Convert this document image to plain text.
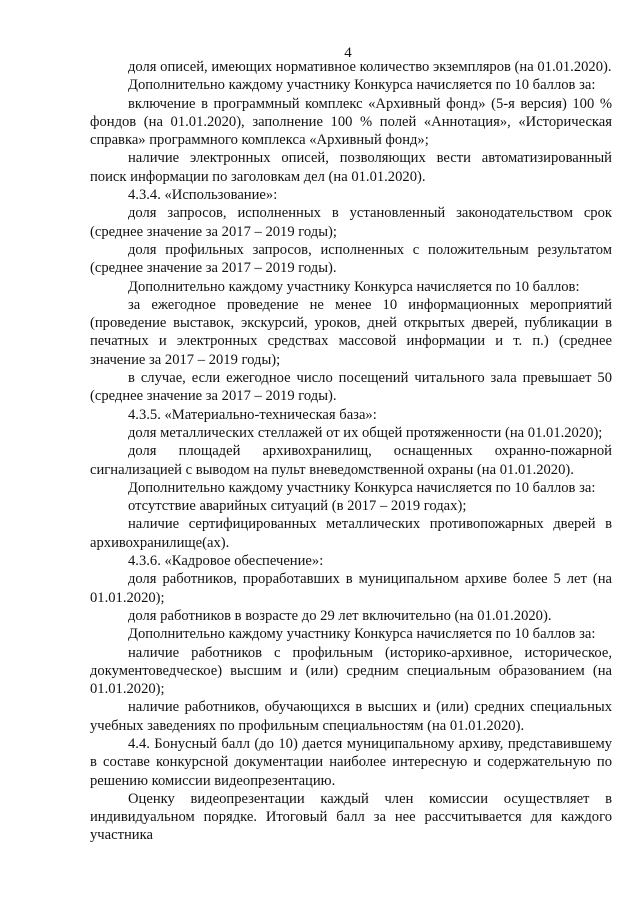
4

доля описей, имеющих нормативное количество экземпляров (на 01.01.2020).

Дополнительно каждому участнику Конкурса начисляется по 10 баллов за:

включение в программный комплекс «Архивный фонд» (5-я версия) 100 % фондов (на 01.01.2020), заполнение 100 % полей «Аннотация», «Историческая справка» программного комплекса «Архивный фонд»;

наличие электронных описей, позволяющих вести автоматизированный поиск информации по заголовкам дел (на 01.01.2020).

4.3.4. «Использование»:

доля запросов, исполненных в установленный законодательством срок (среднее значение за 2017 – 2019 годы);

доля профильных запросов, исполненных с положительным результатом (среднее значение за 2017 – 2019 годы).

Дополнительно каждому участнику Конкурса начисляется по 10 баллов:

за ежегодное проведение не менее 10 информационных мероприятий (проведение выставок, экскурсий, уроков, дней открытых дверей, публикации в печатных и электронных средствах массовой информации и т. п.) (среднее значение за 2017 – 2019 годы);

в случае, если ежегодное число посещений читального зала превышает 50 (среднее значение за 2017 – 2019 годы).

4.3.5. «Материально-техническая база»:

доля металлических стеллажей от их общей протяженности (на 01.01.2020);

доля площадей архивохранилищ, оснащенных охранно-пожарной сигнализацией с выводом на пульт вневедомственной охраны (на 01.01.2020).

Дополнительно каждому участнику Конкурса начисляется по 10 баллов за:

отсутствие аварийных ситуаций (в 2017 – 2019 годах);

наличие сертифицированных металлических противопожарных дверей в архивохранилище(ах).

4.3.6. «Кадровое обеспечение»:

доля работников, проработавших в муниципальном архиве более 5 лет (на 01.01.2020);

доля работников в возрасте до 29 лет включительно (на 01.01.2020).

Дополнительно каждому участнику Конкурса начисляется по 10 баллов за:

наличие работников с профильным (историко-архивное, историческое, документоведческое) высшим и (или) средним специальным образованием (на 01.01.2020);

наличие работников, обучающихся в высших и (или) средних специальных учебных заведениях по профильным специальностям (на 01.01.2020).

4.4. Бонусный балл (до 10) дается муниципальному архиву, представившему в составе конкурсной документации наиболее интересную и содержательную по решению комиссии видеопрезентацию.

Оценку видеопрезентации каждый член комиссии осуществляет в индивидуальном порядке. Итоговый балл за нее рассчитывается для каждого участника
